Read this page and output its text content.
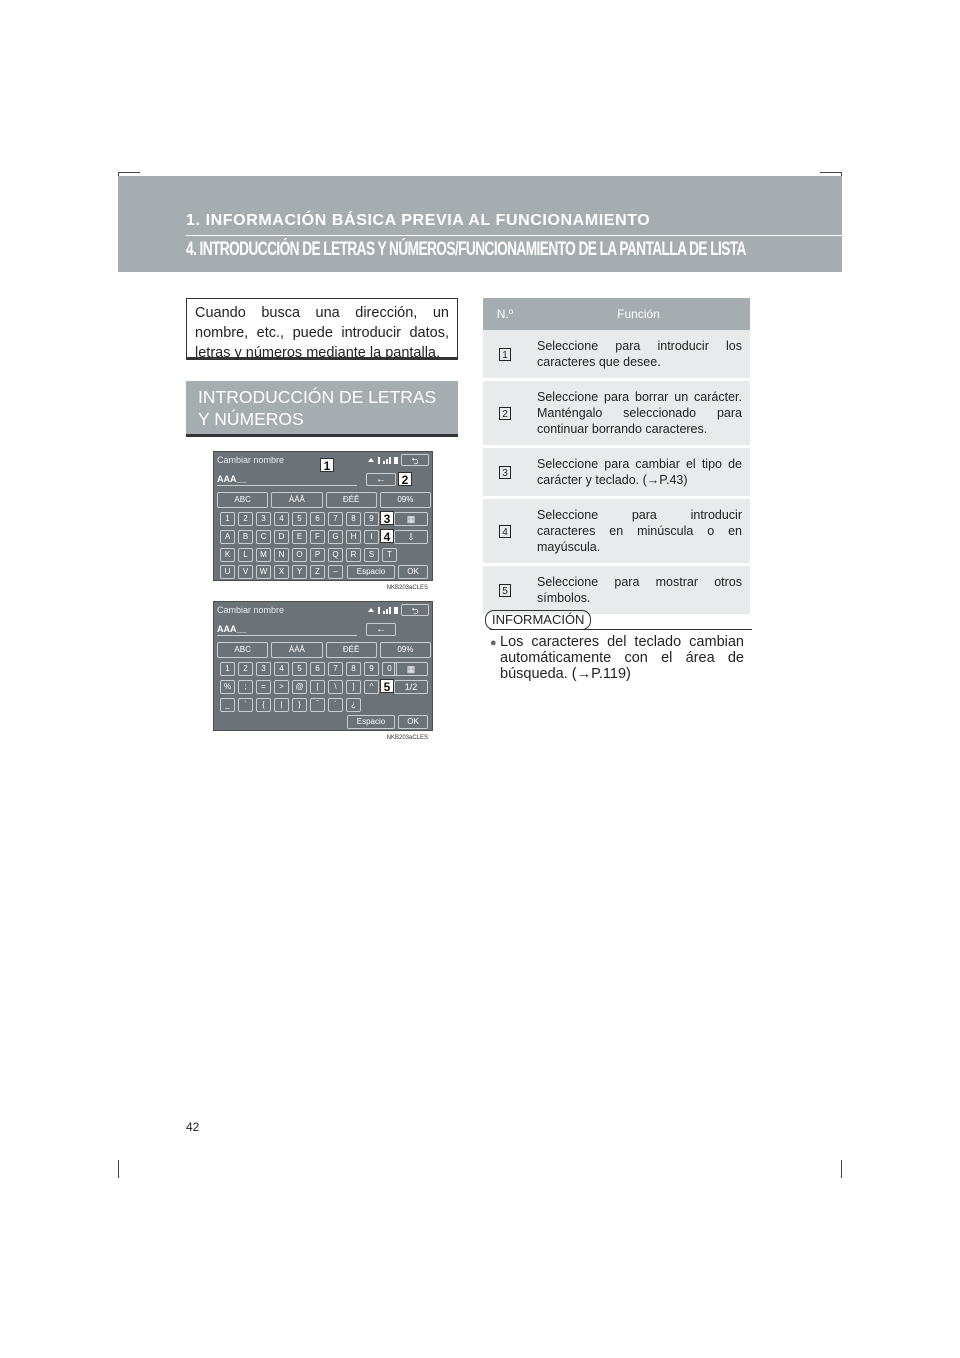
1. INFORMACIÓN BÁSICA PREVIA AL FUNCIONAMIENTO
4. INTRODUCCIÓN DE LETRAS Y NÚMEROS/FUNCIONAMIENTO DE LA PANTALLA DE LISTA
Cuando busca una dirección, un nombre, etc., puede introducir datos, letras y números mediante la pantalla.
INTRODUCCIÓN DE LETRAS Y NÚMEROS
Cambiar nombre	⮌
AAA__	←
ABC	ÀÁÂ	ĐÉÊ	09%
1	2	3	4	5	6	7	8	9	▦
A	B	C	D	E	F	G	H	I	⇩
K	L	M	N	O	P	Q	R	S	T
U	V	W	X	Y	Z	–	Espacio	OK
NKB203aCLES
1
2
3
4
Cambiar nombre	⮌
AAA__	←
ABC	ÀÁÂ	ĐÉÊ	09%
1	2	3	4	5	6	7	8	9	0	▦
%	;	=	>	@	[	\	]	^	1/2
_	`	{	|	}	‾	´	¿
Espacio	OK
NKB203aCLES
5
N.º	Función
1	Seleccione para introducir los caracteres que desee.
2	Seleccione para borrar un carácter. Manténgalo seleccionado para continuar borrando caracteres.
3	Seleccione para cambiar el tipo de carácter y teclado. (→P.43)
4	Seleccione para introducir caracteres en minúscula o en mayúscula.
5	Seleccione para mostrar otros símbolos.
INFORMACIÓN
● Los caracteres del teclado cambian automáticamente con el área de búsqueda. (→P.119)
42
